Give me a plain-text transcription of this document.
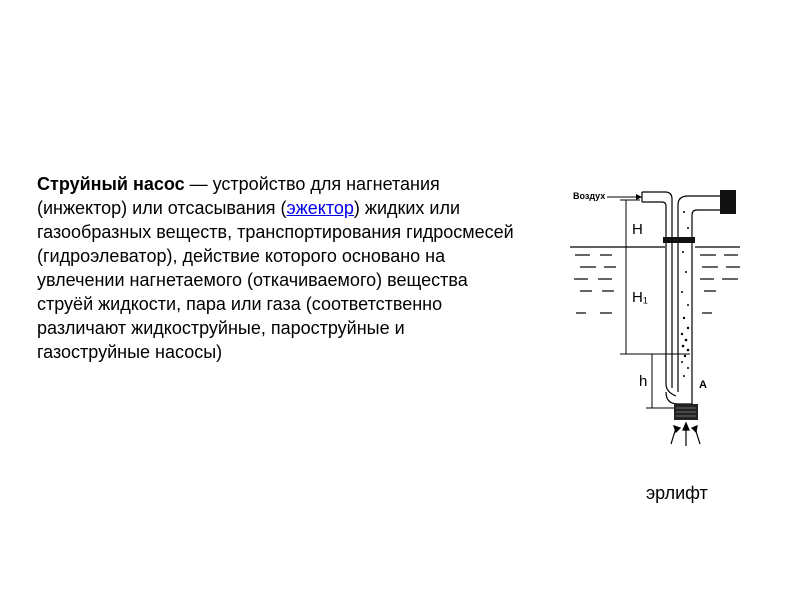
Струйный насос — устройство для нагнетания (инжектор) или отсасывания (эжектор) жидких или газообразных веществ, транспортирования гидросмесей (гидроэлеватор), действие которого основано на увлечении нагнетаемого (откачиваемого) вещества струёй жидкости, пара или газа (соответственно различают жидкоструйные, пароструйные и газоструйные насосы)

Воздух
H
H₁
h	A

эрлифт
